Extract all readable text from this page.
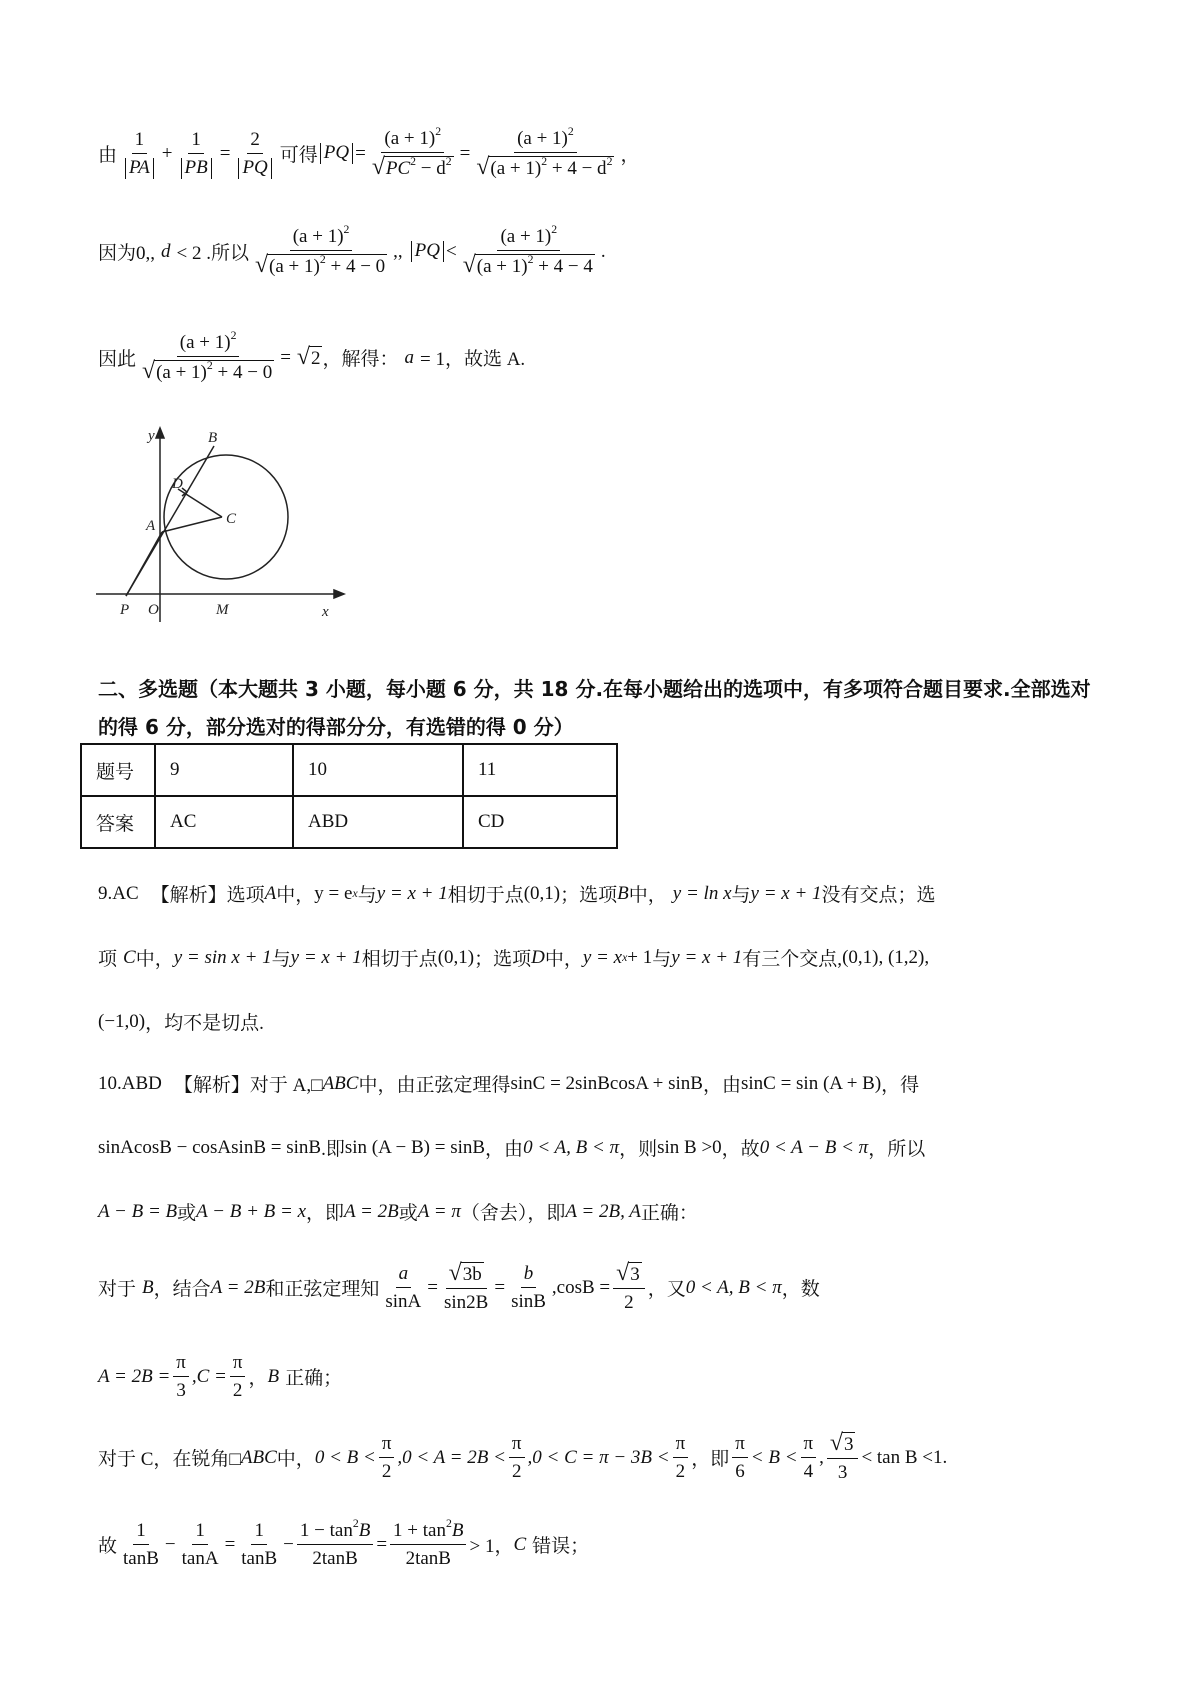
由 $\frac{1}{PA} + \frac{1}{PB} = \frac{2}{PQ}$ 可得 PQ = $\frac{(a + 1)^2}{√ PC^2 - d^2} = \frac{(a + 1)^2}{√ (a + 1)^2 + 4 - d^2}$ ，
因为0,, d < 2 .所以 $\frac{(a + 1)^2}{√ (a + 1)^2 + 4 - 0}$ ,, PQ < $\frac{(a + 1)^2}{√ (a + 1)^2 + 4 - 4}$ .
因此 $\frac{(a + 1)^2}{√ (a + 1)^2 + 4 - 0}$ = √ 2 ，解得： a = 1，故选 A.
y	B
D
C
A
P O	M	x
二、多选题（本大题共 3 小题，每小题 6 分，共 18 分.在每小题给出的选项中，有多项符合题目要求.全部选对的得 6 分，部分选对的得部分分，有选错的得 0 分）
题号	9	10	11
答案	AC	ABD	CD
9.AC 【解析】选项 A 中， y = e x 与 y = x + 1 相切于点 (0,1) ；选项 B 中， y = ln x 与 y = x + 1 没有交点；选
项 C 中， y = sin x + 1 与 y = x + 1 相切于点 (0,1) ；选项 D 中， y = x x + 1 与 y = x + 1 有三个交点, (0,1), (1,2) ,
(−1,0) ，均不是切点.
10.ABD 【解析】对于 A,□ ABC 中，由正弦定理得 sinC = 2sinBcosA + sinB ，由 sinC = sin (A + B) ，得
sinAcosB − cosAsinB = sinB .即 sin (A − B) = sinB ，由 0 < A, B < π ，则 sin B >0 ，故 0 < A − B < π ，所以
A − B = B 或 A − B + B = x ，即 A = 2B 或 A = π （舍去），即 A = 2B, A 正确：
对于 B ，结合 A = 2B 和正弦定理知 $\frac{a}{\sin A} = \frac{√ 3b}{\sin 2B} = \frac{b}{\sin B} ,\cos B = \frac{√ 3}{2}$ ，又 0 < A, B < π ，数
$A = 2B = \frac{\pi}{3} ,C = \frac{\pi}{2}$ ， B 正确；
对于 C，在锐角□ ABC 中， $0 < B < \frac{\pi}{2} ,0 < A = 2B < \frac{\pi}{2} ,0 < C = \pi - 3B < \frac{\pi}{2}$ ，即 $\frac{\pi}{6} < B < \frac{\pi}{4}$ , $\frac{√ 3}{3} < \tan B <1$ .
故 $\frac{1}{\tan B} - \frac{1}{\tan A} = \frac{1}{\tan B} - \frac{1 - \tan^2B}{2\tan B} = \frac{1 + \tan^2B}{2\tan B} > 1$， C 错误；
